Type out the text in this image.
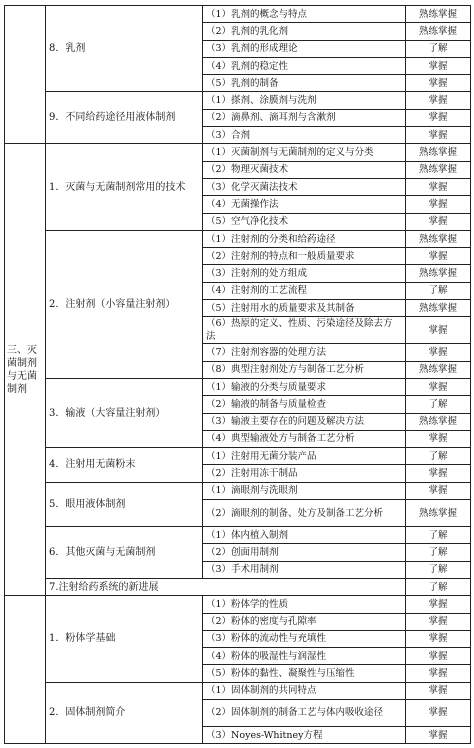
	8．乳剂	（1）乳剂的概念与特点	熟练掌握
		（2）乳剂的乳化剂	熟练掌握
		（3）乳剂的形成理论	了解
		（4）乳剂的稳定性	掌握
		（5）乳剂的制备	掌握
	9．不同给药途径用液体制剂	（1）搽剂、涂膜剂与洗剂	掌握
		（2）滴鼻剂、滴耳剂与含漱剂	掌握
		（3）合剂	掌握
三、灭菌制剂与无菌制剂	1．灭菌与无菌制剂常用的技术	（1）灭菌制剂与无菌制剂的定义与分类	熟练掌握
		（2）物理灭菌技术	熟练掌握
		（3）化学灭菌法技术	掌握
		（4）无菌操作法	掌握
		（5）空气净化技术	掌握
	2．注射剂（小容量注射剂）	（1）注射剂的分类和给药途径	熟练掌握
		（2）注射剂的特点和一般质量要求	掌握
		（3）注射剂的处方组成	熟练掌握
		（4）注射剂的工艺流程	了解
		（5）注射用水的质量要求及其制备	熟练掌握
		（6）热原的定义、性质、污染途径及除去方法	掌握
		（7）注射剂容器的处理方法	掌握
		（8）典型注射剂处方与制备工艺分析	熟练掌握
	3．输液（大容量注射剂）	（1）输液的分类与质量要求	掌握
		（2）输液的制备与质量检查	了解
		（3）输液主要存在的问题及解决方法	熟练掌握
		（4）典型输液处方与制备工艺分析	掌握
	4．注射用无菌粉末	（1）注射用无菌分装产品	了解
		（2）注射用冻干制品	掌握
	5．眼用液体制剂	（1）滴眼剂与洗眼剂	掌握
		（2）滴眼剂的制备、处方及制备工艺分析	熟练掌握
	6．其他灭菌与无菌制剂	（1）体内植入制剂	了解
		（2）创面用制剂	了解
		（3）手术用制剂	了解
	7.注射给药系统的新进展		了解
	1．粉体学基础	（1）粉体学的性质	掌握
		（2）粉体的密度与孔隙率	掌握
		（3）粉体的流动性与充填性	掌握
		（4）粉体的吸湿性与润湿性	掌握
		（5）粉体的黏性、凝聚性与压缩性	掌握
	2．固体制剂简介	（1）固体制剂的共同特点	掌握
		（2）固体制剂的制备工艺与体内吸收途径	掌握
		（3）Noyes-Whitney方程	掌握
